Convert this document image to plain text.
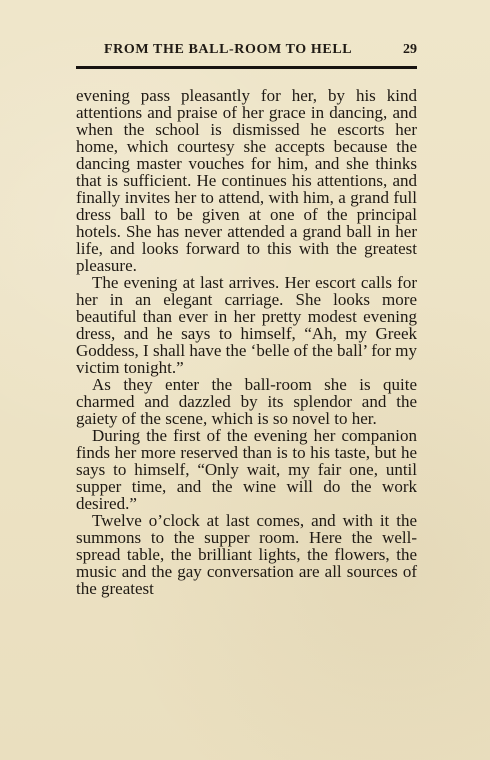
FROM THE BALL-ROOM TO HELL	29

evening pass pleasantly for her, by his kind attentions and praise of her grace in dancing, and when the school is dismissed he escorts her home, which courtesy she accepts because the dancing master vouches for him, and she thinks that is sufficient. He continues his attentions, and finally invites her to attend, with him, a grand full dress ball to be given at one of the principal hotels. She has never attended a grand ball in her life, and looks forward to this with the greatest pleasure.

The evening at last arrives. Her escort calls for her in an elegant carriage. She looks more beautiful than ever in her pretty modest evening dress, and he says to himself, “Ah, my Greek Goddess, I shall have the ‘belle of the ball’ for my victim tonight.”

As they enter the ball-room she is quite charmed and dazzled by its splendor and the gaiety of the scene, which is so novel to her.

During the first of the evening her companion finds her more reserved than is to his taste, but he says to himself, “Only wait, my fair one, until supper time, and the wine will do the work desired.”

Twelve o’clock at last comes, and with it the summons to the supper room. Here the well-spread table, the brilliant lights, the flowers, the music and the gay conversation are all sources of the greatest
